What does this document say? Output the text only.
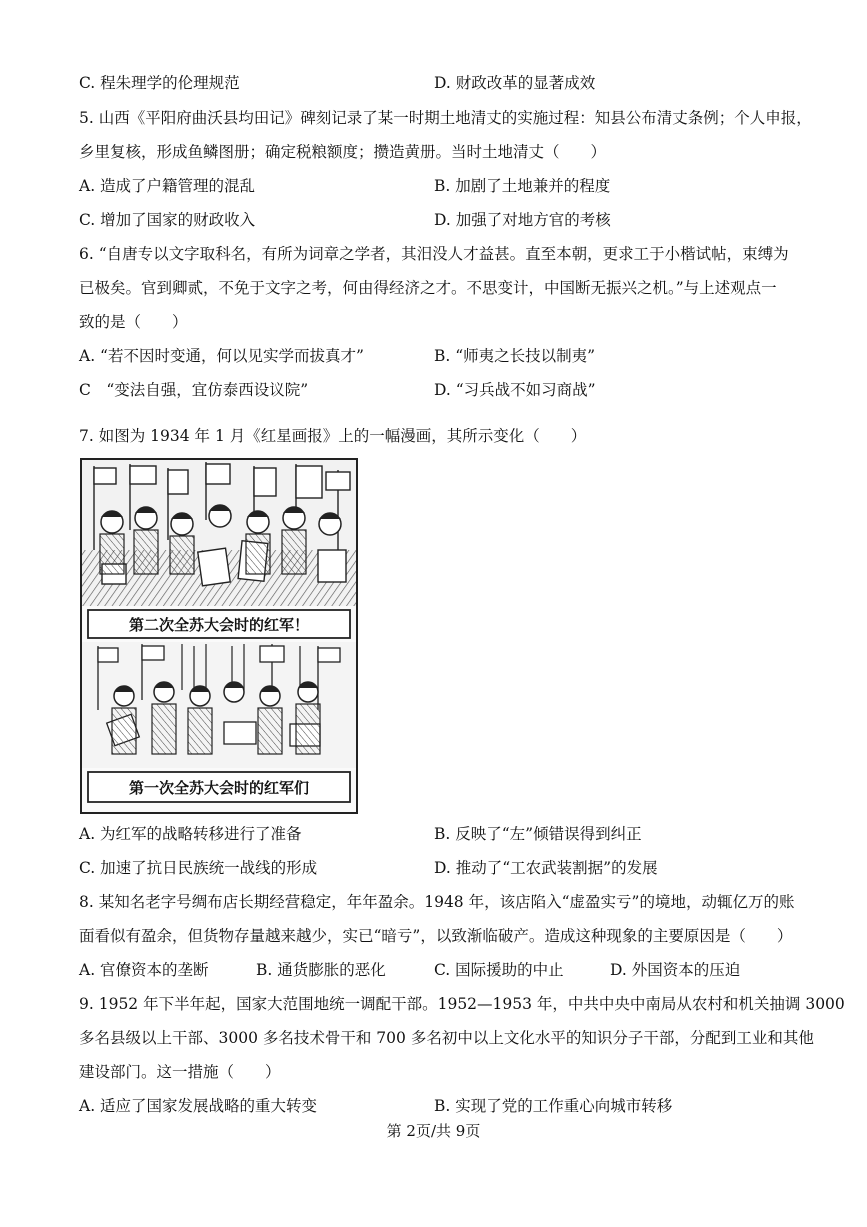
C. 程朱理学的伦理规范	D. 财政改革的显著成效
5. 山西《平阳府曲沃县均田记》碑刻记录了某一时期土地清丈的实施过程：知县公布清丈条例；个人申报，
乡里复核，形成鱼鳞图册；确定税粮额度；攒造黄册。当时土地清丈（　　）
A. 造成了户籍管理的混乱	B. 加剧了土地兼并的程度
C. 增加了国家的财政收入	D. 加强了对地方官的考核
6. “自唐专以文字取科名，有所为词章之学者，其汨没人才益甚。直至本朝，更求工于小楷试帖，束缚为
已极矣。官到卿贰，不免于文字之考，何由得经济之才。不思变计，中国断无振兴之机。”与上述观点一
致的是（　　）
A. “若不因时变通，何以见实学而拔真才”	B. “师夷之长技以制夷”
C　“变法自强，宜仿泰西设议院”	D. “习兵战不如习商战”
7. 如图为 1934 年 1 月《红星画报》上的一幅漫画，其所示变化（　　）
第二次全苏大会时的红军！
第一次全苏大会时的红军们
A. 为红军的战略转移进行了准备	B. 反映了“左”倾错误得到纠正
C. 加速了抗日民族统一战线的形成	D. 推动了“工农武装割据”的发展
8. 某知名老字号绸布店长期经营稳定，年年盈余。1948 年，该店陷入“虚盈实亏”的境地，动辄亿万的账
面看似有盈余，但货物存量越来越少，实已“暗亏”，以致渐临破产。造成这种现象的主要原因是（　　）
A. 官僚资本的垄断	B. 通货膨胀的恶化	C. 国际援助的中止	D. 外国资本的压迫
9. 1952 年下半年起，国家大范围地统一调配干部。1952—1953 年，中共中央中南局从农村和机关抽调 3000
多名县级以上干部、3000 多名技术骨干和 700 多名初中以上文化水平的知识分子干部，分配到工业和其他
建设部门。这一措施（　　）
A. 适应了国家发展战略的重大转变	B. 实现了党的工作重心向城市转移
第 2页/共 9页
